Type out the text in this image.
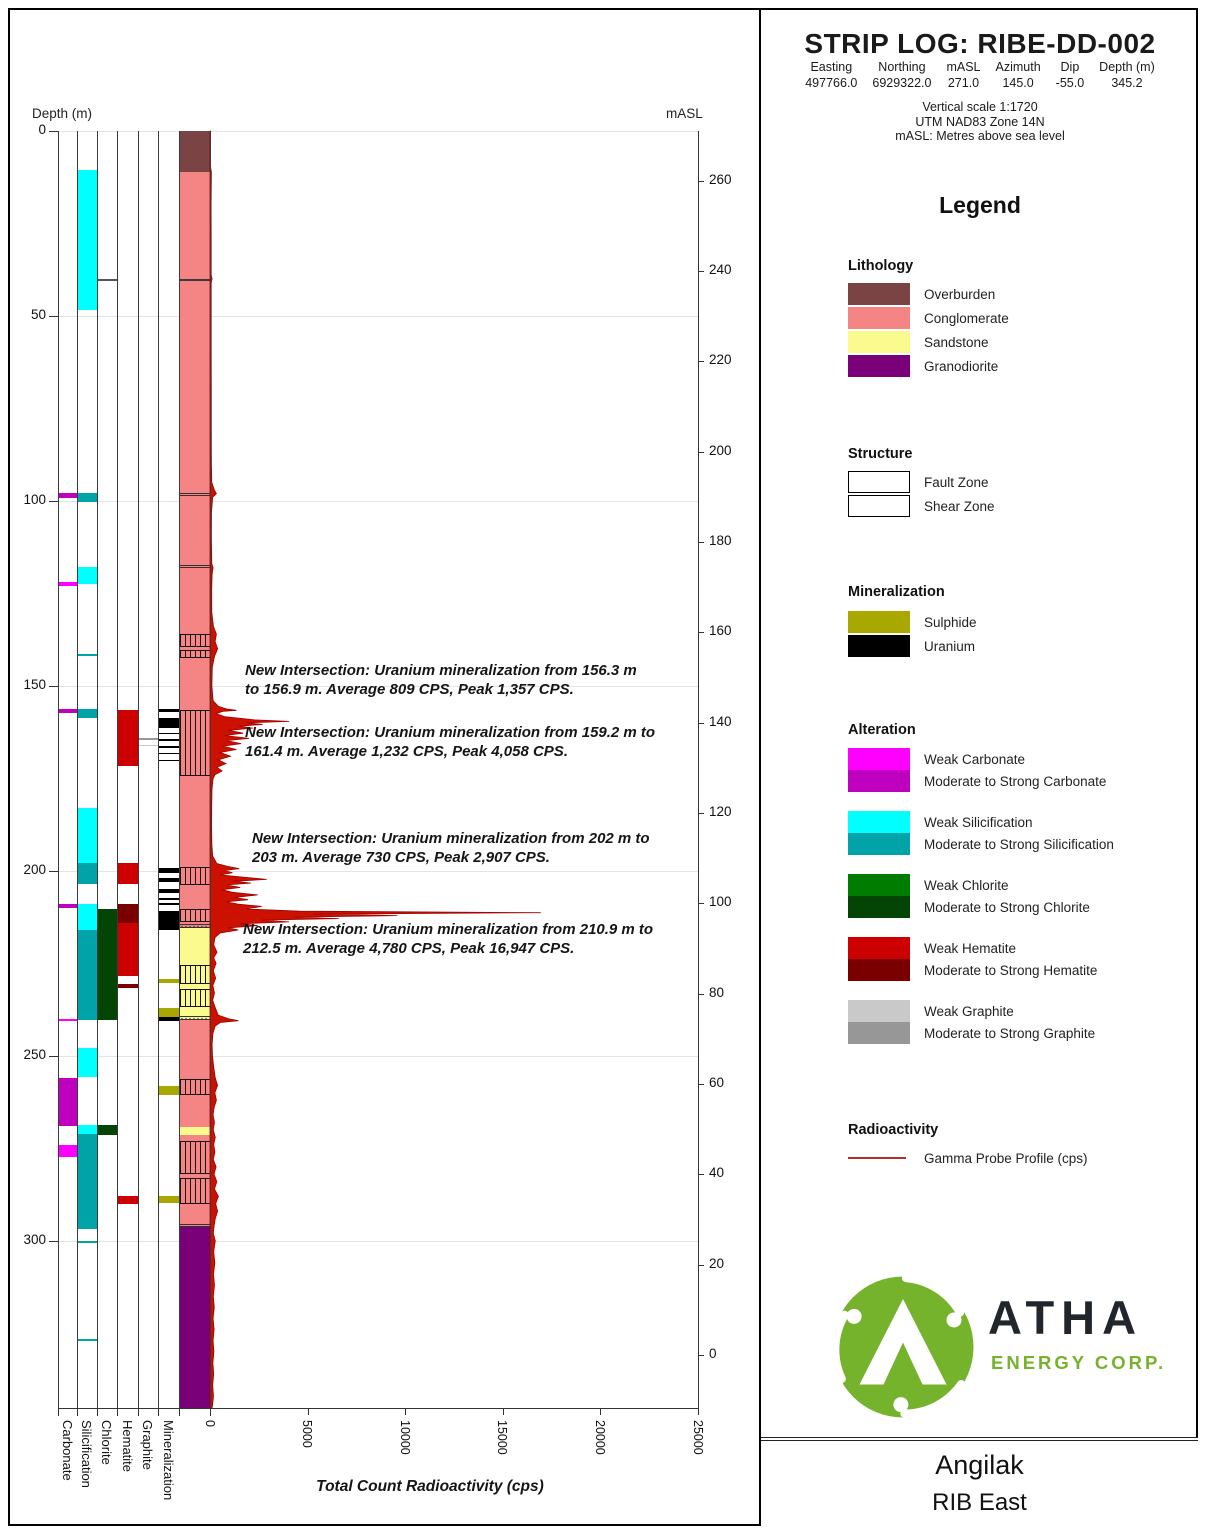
Depth (m)	mASL
0
50
100
150
200
250
300
0	5000	10000	15000	20000	25000
260
240
220
200
180
160
140
120
100
80
60
40
20
0
Carbonate Silicification Chlorite Hematite Graphite Mineralization	Total Count Radioactivity (cps)
New Intersection: Uranium mineralization from 156.3 m to 156.9 m. Average 809 CPS, Peak 1,357 CPS.
New Intersection: Uranium mineralization from 159.2 m to 161.4 m. Average 1,232 CPS, Peak 4,058 CPS.
New Intersection: Uranium mineralization from 202 m to 203 m. Average 730 CPS, Peak 2,907 CPS.
New Intersection: Uranium mineralization from 210.9 m to 212.5 m. Average 4,780 CPS, Peak 16,947 CPS.
STRIP LOG: RIBE-DD-002
Easting
497766.0
Northing
6929322.0
mASL
271.0
Azimuth
145.0
Dip
-55.0
Depth (m)
345.2
Vertical scale 1:1720
UTM NAD83 Zone 14N
mASL: Metres above sea level
Legend
Lithology
Overburden
Conglomerate
Sandstone
Granodiorite
Structure
Fault Zone
Shear Zone
Mineralization
Sulphide
Uranium
Alteration
Weak Carbonate
Moderate to Strong Carbonate
Weak Silicification
Moderate to Strong Silicification
Weak Chlorite
Moderate to Strong Chlorite
Weak Hematite
Moderate to Strong Hematite
Weak Graphite
Moderate to Strong Graphite
Radioactivity
Gamma Probe Profile (cps)
ATHA
ENERGY CORP.
Angilak
RIB East
